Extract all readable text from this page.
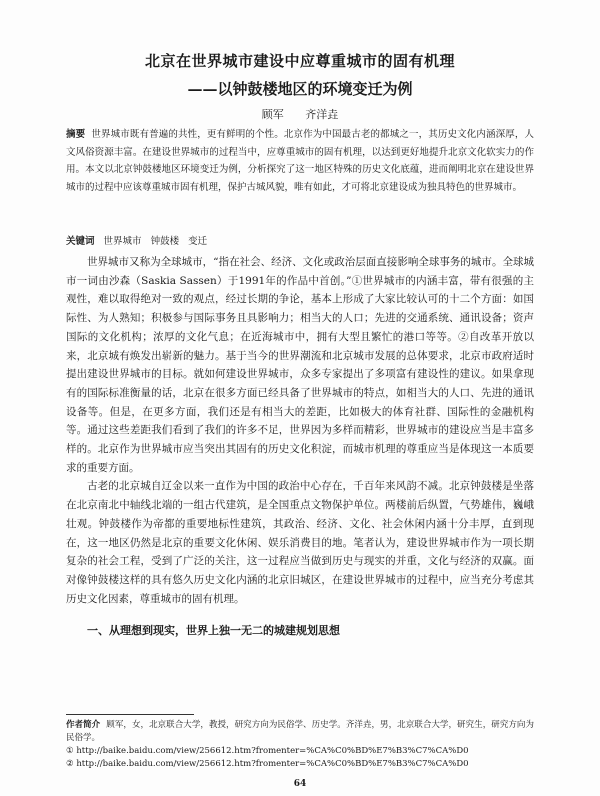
北京在世界城市建设中应尊重城市的固有机理
——以钟鼓楼地区的环境变迁为例
顾军 齐洋垚
摘要 世界城市既有普遍的共性，更有鲜明的个性。北京作为中国最古老的都城之一，其历史文化内涵深厚，人文风俗资源丰富。在建设世界城市的过程当中，应尊重城市的固有机理，以达到更好地提升北京文化软实力的作用。本文以北京钟鼓楼地区环境变迁为例，分析探究了这一地区特殊的历史文化底蕴，进而阐明北京在建设世界城市的过程中应该尊重城市固有机理，保护古城风貌，唯有如此，才可将北京建设成为独具特色的世界城市。
关键词 世界城市 钟鼓楼 变迁

世界城市又称为全球城市，“指在社会、经济、文化或政治层面直接影响全球事务的城市。全球城市一词由沙森（Saskia Sassen）于1991年的作品中首创。”①世界城市的内涵丰富，带有很强的主观性，难以取得绝对一致的观点，经过长期的争论，基本上形成了大家比较认可的十二个方面：如国际性、为人熟知；积极参与国际事务且具影响力；相当大的人口；先进的交通系统、通讯设备；资声国际的文化机构；浓厚的文化气息；在近海城市中，拥有大型且繁忙的港口等等。②自改革开放以来，北京城有焕发出崭新的魅力。基于当今的世界潮流和北京城市发展的总体要求，北京市政府适时提出建设世界城市的目标。就如何建设世界城市，众多专家提出了多项富有建设性的建议。如果拿现有的国际标准衡量的话，北京在很多方面已经具备了世界城市的特点，如相当大的人口、先进的通讯设备等。但是，在更多方面，我们还是有相当大的差距，比如极大的体育社群、国际性的金融机构等。通过这些差距我们看到了我们的许多不足，世界因为多样而精彩，世界城市的建设应当是丰富多样的。北京作为世界城市应当突出其固有的历史文化积淀，而城市机理的尊重应当是体现这一本质要求的重要方面。

古老的北京城自辽金以来一直作为中国的政治中心存在，千百年来风韵不减。北京钟鼓楼是坐落在北京南北中轴线北端的一组古代建筑，是全国重点文物保护单位。两楼前后纵置，气势雄伟，巍峨壮观。钟鼓楼作为帝都的重要地标性建筑，其政治、经济、文化、社会休闲内涵十分丰厚，直到现在，这一地区仍然是北京的重要文化休闲、娱乐消费目的地。笔者认为，建设世界城市作为一项长期复杂的社会工程，受到了广泛的关注，这一过程应当做到历史与现实的并重，文化与经济的双赢。面对像钟鼓楼这样的具有悠久历史文化内涵的北京旧城区，在建设世界城市的过程中，应当充分考虑其历史文化因素，尊重城市的固有机理。

一、从理想到现实，世界上独一无二的城建规划思想
作者简介 顾军，女，北京联合大学，教授，研究方向为民俗学、历史学。齐洋垚，男，北京联合大学，研究生，研究方向为民俗学。
① http://baike.baidu.com/view/256612.htm?fromenter=%CA%C0%BD%E7%B3%C7%CA%D0
② http://baike.baidu.com/view/256612.htm?fromenter=%CA%C0%BD%E7%B3%C7%CA%D0
64
